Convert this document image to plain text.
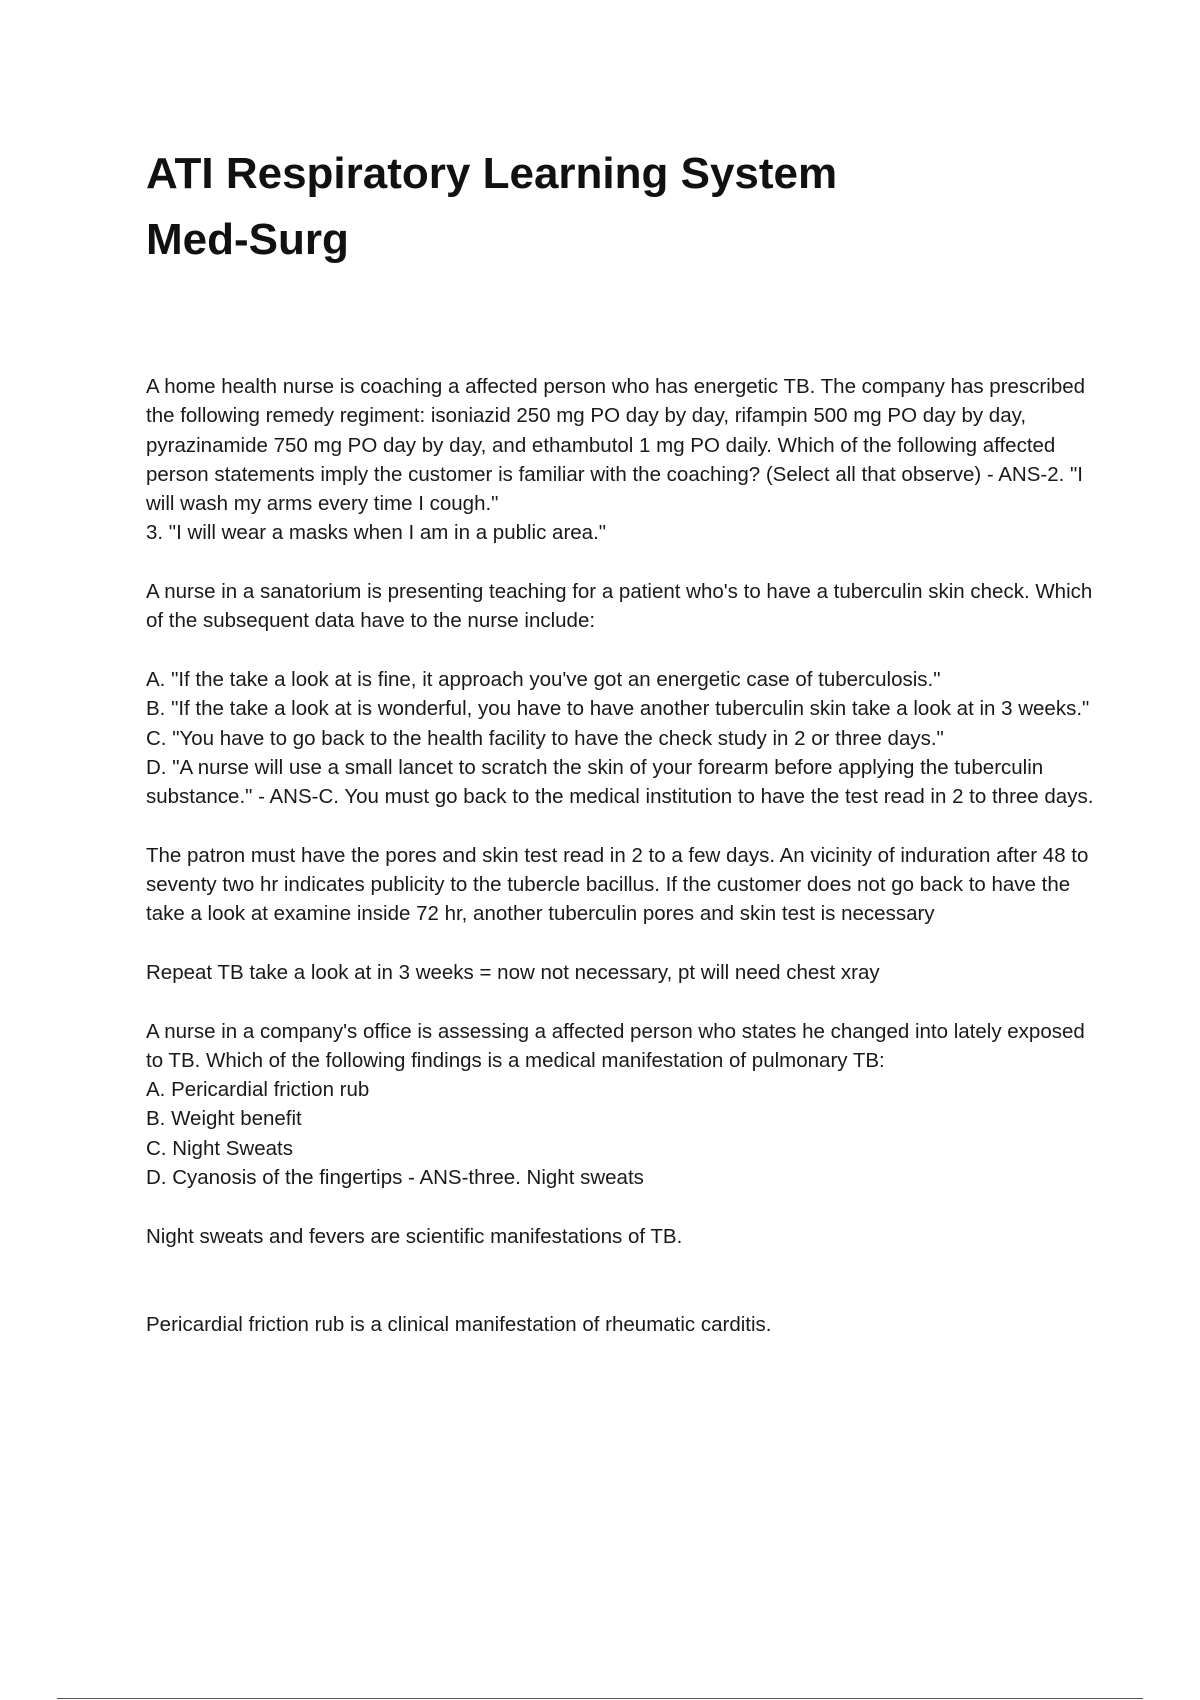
ATI Respiratory Learning System
Med-Surg

A home health nurse is coaching a affected person who has energetic TB. The company has prescribed the following remedy regiment: isoniazid 250 mg PO day by day, rifampin 500 mg PO day by day, pyrazinamide 750 mg PO day by day, and ethambutol 1 mg PO daily. Which of the following affected person statements imply the customer is familiar with the coaching? (Select all that observe) - ANS-2. "I will wash my arms every time I cough."

3. "I will wear a masks when I am in a public area."

A nurse in a sanatorium is presenting teaching for a patient who's to have a tuberculin skin check. Which of the subsequent data have to the nurse include:

A. "If the take a look at is fine, it approach you've got an energetic case of tuberculosis."

B. "If the take a look at is wonderful, you have to have another tuberculin skin take a look at in 3 weeks."

C. "You have to go back to the health facility to have the check study in 2 or three days."

D. "A nurse will use a small lancet to scratch the skin of your forearm before applying the tuberculin substance." - ANS-C. You must go back to the medical institution to have the test read in 2 to three days.

The patron must have the pores and skin test read in 2 to a few days. An vicinity of induration after 48 to seventy two hr indicates publicity to the tubercle bacillus. If the customer does not go back to have the take a look at examine inside 72 hr, another tuberculin pores and skin test is necessary

Repeat TB take a look at in 3 weeks = now not necessary, pt will need chest xray

A nurse in a company's office is assessing a affected person who states he changed into lately exposed to TB. Which of the following findings is a medical manifestation of pulmonary TB:

A. Pericardial friction rub

B. Weight benefit

C. Night Sweats

D. Cyanosis of the fingertips - ANS-three. Night sweats

Night sweats and fevers are scientific manifestations of TB.

Pericardial friction rub is a clinical manifestation of rheumatic carditis.
